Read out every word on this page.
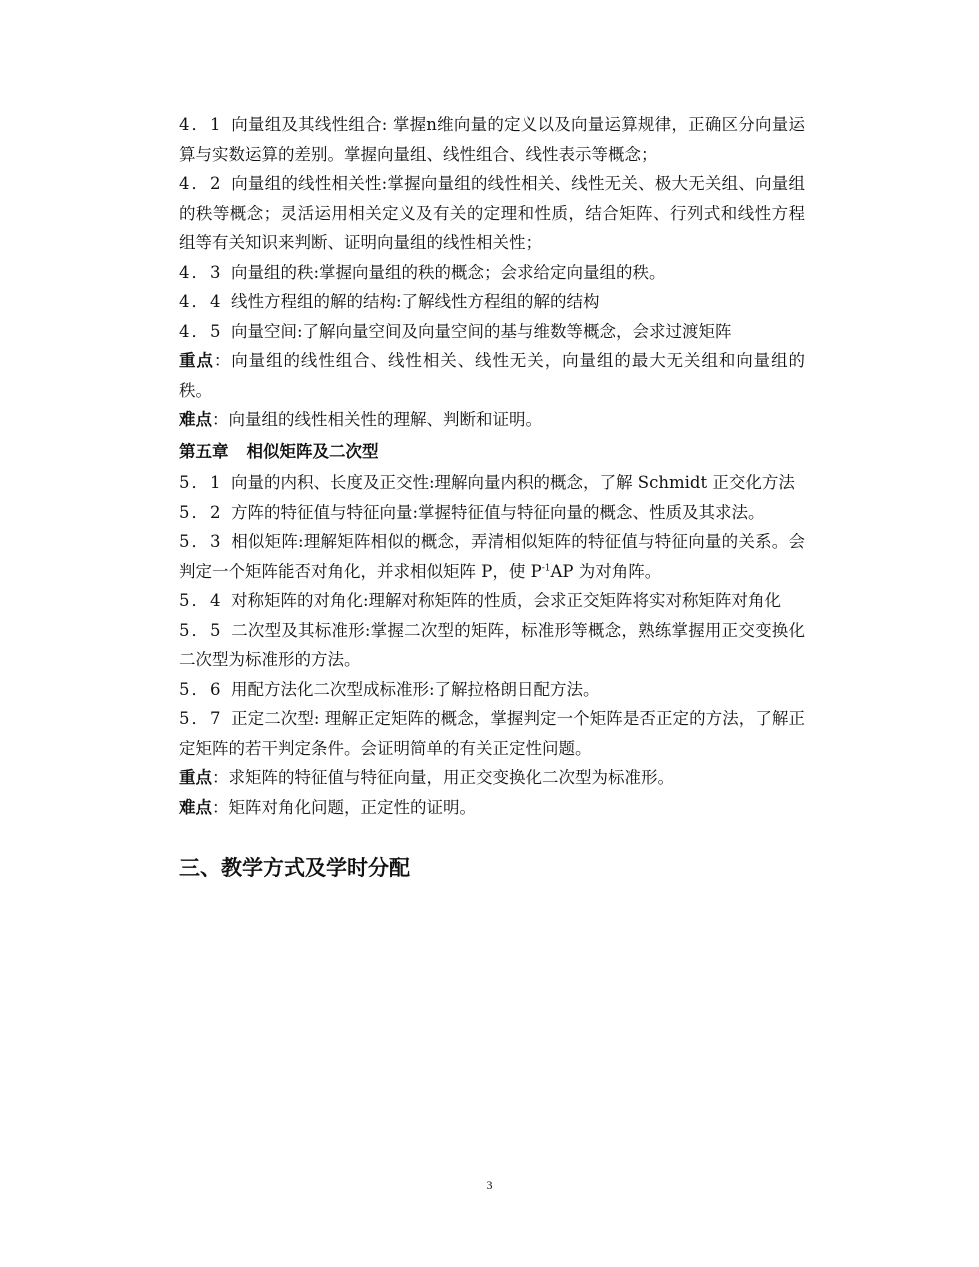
4．1 向量组及其线性组合: 掌握n维向量的定义以及向量运算规律，正确区分向量运算与实数运算的差别。掌握向量组、线性组合、线性表示等概念；

4．2 向量组的线性相关性:掌握向量组的线性相关、线性无关、极大无关组、向量组的秩等概念；灵活运用相关定义及有关的定理和性质，结合矩阵、行列式和线性方程组等有关知识来判断、证明向量组的线性相关性；

4．3 向量组的秩:掌握向量组的秩的概念；会求给定向量组的秩。

4．4 线性方程组的解的结构:了解线性方程组的解的结构

4．5 向量空间:了解向量空间及向量空间的基与维数等概念，会求过渡矩阵

重点：向量组的线性组合、线性相关、线性无关，向量组的最大无关组和向量组的秩。

难点：向量组的线性相关性的理解、判断和证明。

第五章 相似矩阵及二次型

5．1 向量的内积、长度及正交性:理解向量内积的概念，了解 Schmidt 正交化方法

5．2 方阵的特征值与特征向量:掌握特征值与特征向量的概念、性质及其求法。

5．3 相似矩阵:理解矩阵相似的概念，弄清相似矩阵的特征值与特征向量的关系。会判定一个矩阵能否对角化，并求相似矩阵 P，使 $P^{-1}AP$ 为对角阵。

5．4 对称矩阵的对角化:理解对称矩阵的性质，会求正交矩阵将实对称矩阵对角化

5．5 二次型及其标准形:掌握二次型的矩阵，标准形等概念，熟练掌握用正交变换化二次型为标准形的方法。

5．6 用配方法化二次型成标准形:了解拉格朗日配方法。

5．7 正定二次型: 理解正定矩阵的概念，掌握判定一个矩阵是否正定的方法，了解正定矩阵的若干判定条件。会证明简单的有关正定性问题。

重点：求矩阵的特征值与特征向量，用正交变换化二次型为标准形。

难点：矩阵对角化问题，正定性的证明。

三、教学方式及学时分配

3
